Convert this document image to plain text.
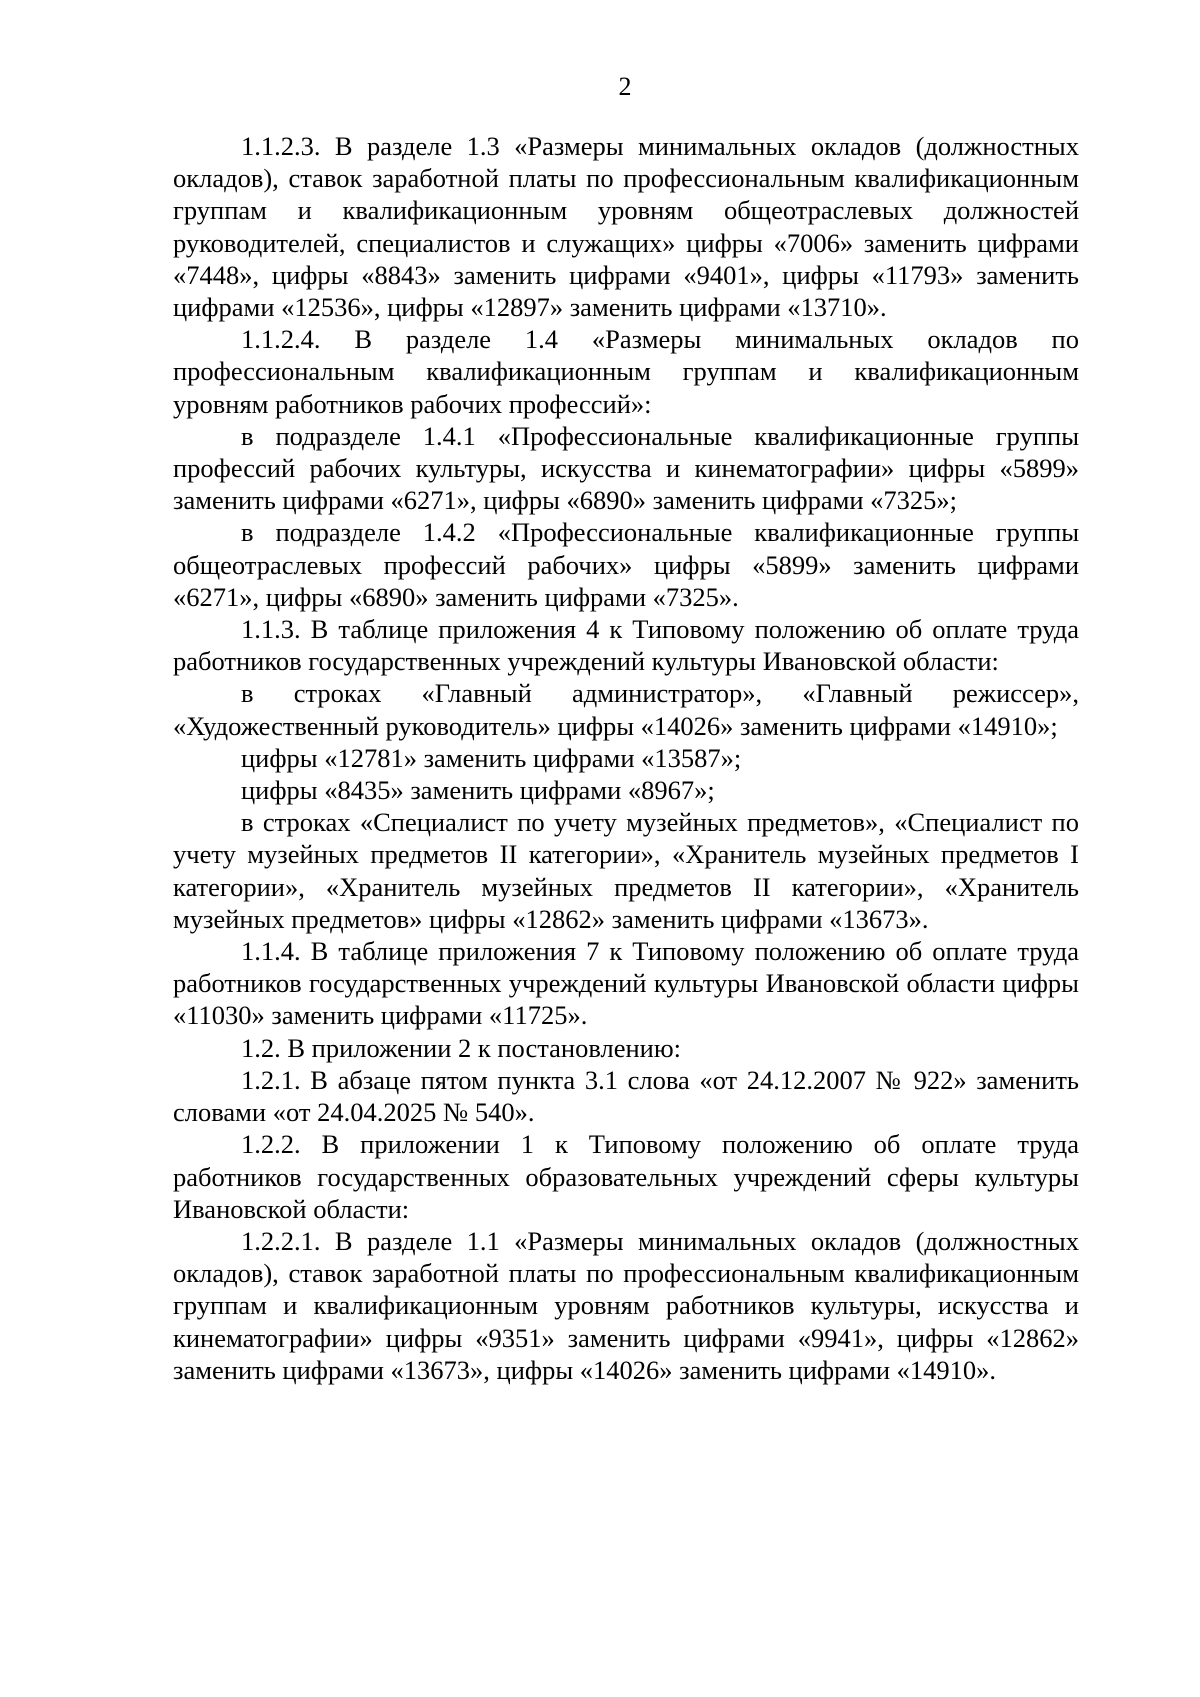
2

1.1.2.3. В разделе 1.3 «Размеры минимальных окладов (должностных окладов), ставок заработной платы по профессиональным квалификационным группам и квалификационным уровням общеотраслевых должностей руководителей, специалистов и служащих» цифры «7006» заменить цифрами «7448», цифры «8843» заменить цифрами «9401», цифры «11793» заменить цифрами «12536», цифры «12897» заменить цифрами «13710».

1.1.2.4. В разделе 1.4 «Размеры минимальных окладов по профессиональным квалификационным группам и квалификационным уровням работников рабочих профессий»:

в подразделе 1.4.1 «Профессиональные квалификационные группы профессий рабочих культуры, искусства и кинематографии» цифры «5899» заменить цифрами «6271», цифры «6890» заменить цифрами «7325»;

в подразделе 1.4.2 «Профессиональные квалификационные группы общеотраслевых профессий рабочих» цифры «5899» заменить цифрами «6271», цифры «6890» заменить цифрами «7325».

1.1.3. В таблице приложения 4 к Типовому положению об оплате труда работников государственных учреждений культуры Ивановской области:

в строках «Главный администратор», «Главный режиссер», «Художественный руководитель» цифры «14026» заменить цифрами «14910»;

цифры «12781» заменить цифрами «13587»;

цифры «8435» заменить цифрами «8967»;

в строках «Специалист по учету музейных предметов», «Специалист по учету музейных предметов II категории», «Хранитель музейных предметов I категории», «Хранитель музейных предметов II категории», «Хранитель музейных предметов» цифры «12862» заменить цифрами «13673».

1.1.4. В таблице приложения 7 к Типовому положению об оплате труда работников государственных учреждений культуры Ивановской области цифры «11030» заменить цифрами «11725».

1.2. В приложении 2 к постановлению:

1.2.1. В абзаце пятом пункта 3.1 слова «от 24.12.2007 № 922» заменить словами «от 24.04.2025 № 540».

1.2.2. В приложении 1 к Типовому положению об оплате труда работников государственных образовательных учреждений сферы культуры Ивановской области:

1.2.2.1. В разделе 1.1 «Размеры минимальных окладов (должностных окладов), ставок заработной платы по профессиональным квалификационным группам и квалификационным уровням работников культуры, искусства и кинематографии» цифры «9351» заменить цифрами «9941», цифры «12862» заменить цифрами «13673», цифры «14026» заменить цифрами «14910».
